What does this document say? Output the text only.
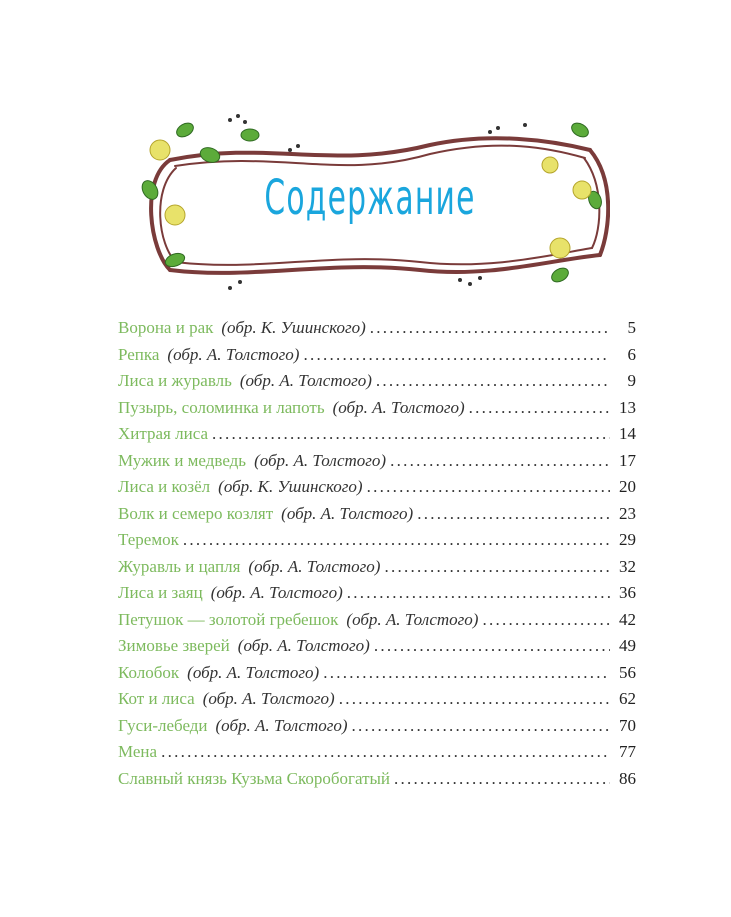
Содержание
Ворона и рак (обр. К. Ушинского) . . .	5
Репка (обр. А. Толстого) . . .	6
Лиса и журавль (обр. А. Толстого) . . .	9
Пузырь, соломинка и лапоть (обр. А. Толстого) . . .	13
Хитрая лиса . . .	14
Мужик и медведь (обр. А. Толстого) . . .	17
Лиса и козёл (обр. К. Ушинского) . . .	20
Волк и семеро козлят (обр. А. Толстого) . . .	23
Теремок . . .	29
Журавль и цапля (обр. А. Толстого) . . .	32
Лиса и заяц (обр. А. Толстого) . . .	36
Петушок — золотой гребешок (обр. А. Толстого) . . .	42
Зимовье зверей (обр. А. Толстого) . . .	49
Колобок (обр. А. Толстого) . . .	56
Кот и лиса (обр. А. Толстого) . . .	62
Гуси-лебеди (обр. А. Толстого) . . .	70
Мена . . .	77
Славный князь Кузьма Скоробогатый . . .	86
